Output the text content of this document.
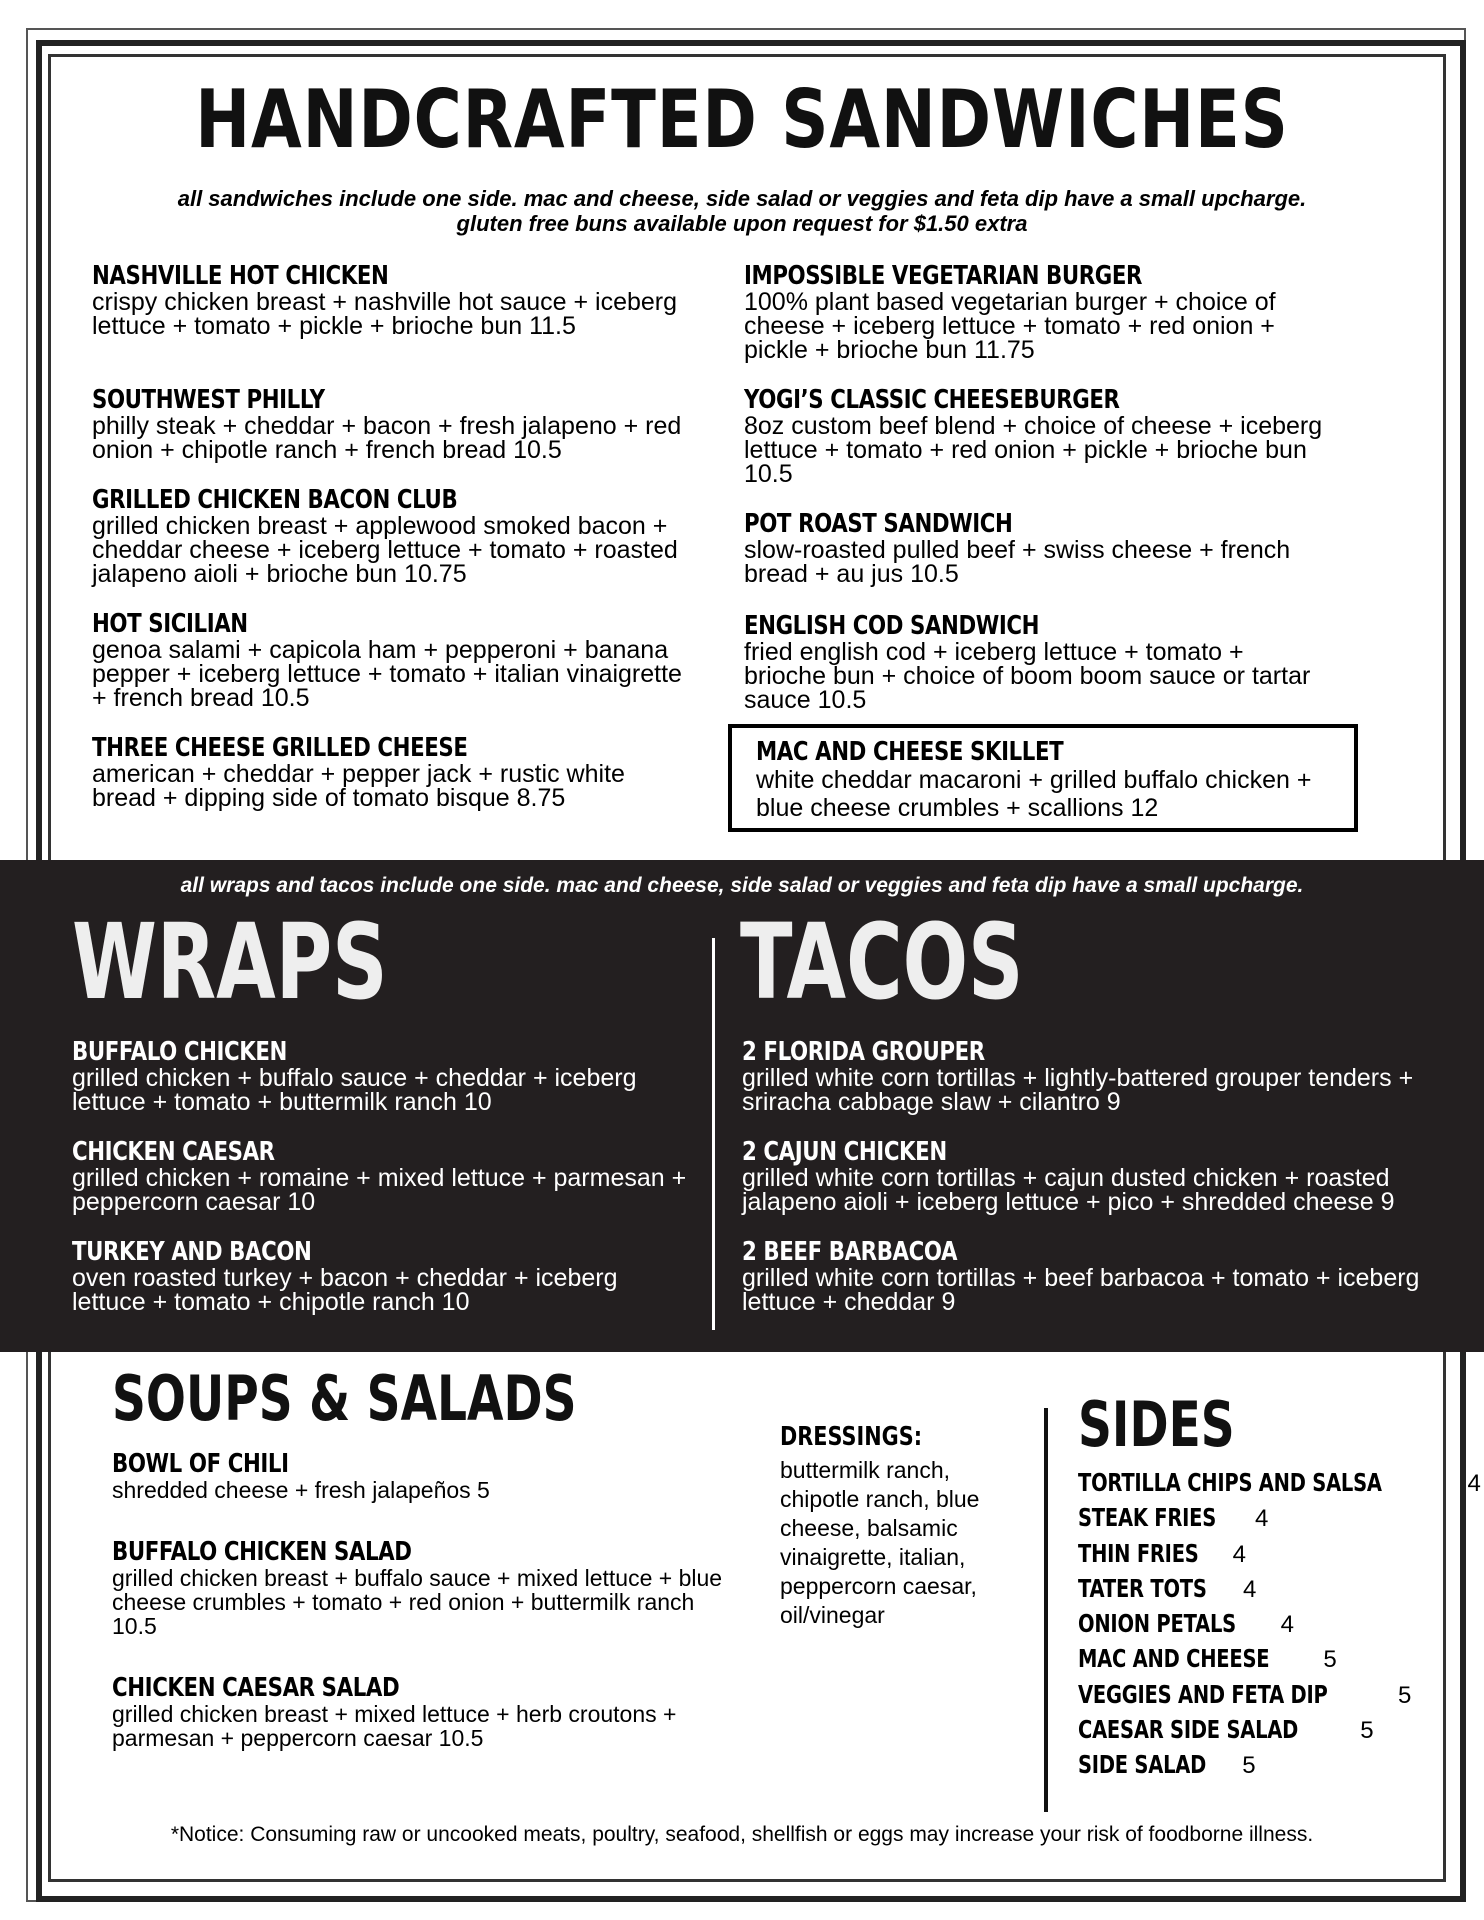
HANDCRAFTED SANDWICHES
all sandwiches include one side. mac and cheese, side salad or veggies and feta dip have a small upcharge. gluten free buns available upon request for $1.50 extra
NASHVILLE HOT CHICKEN
crispy chicken breast + nashville hot sauce + iceberg lettuce + tomato + pickle + brioche bun 11.5
SOUTHWEST PHILLY
philly steak + cheddar + bacon + fresh jalapeno + red onion + chipotle ranch + french bread 10.5
GRILLED CHICKEN BACON CLUB
grilled chicken breast + applewood smoked bacon + cheddar cheese + iceberg lettuce + tomato + roasted jalapeno aioli + brioche bun 10.75
HOT SICILIAN
genoa salami + capicola ham + pepperoni + banana pepper + iceberg lettuce + tomato + italian vinaigrette + french bread 10.5
THREE CHEESE GRILLED CHEESE
american + cheddar + pepper jack + rustic white bread + dipping side of tomato bisque 8.75
IMPOSSIBLE VEGETARIAN BURGER
100% plant based vegetarian burger + choice of cheese + iceberg lettuce + tomato + red onion + pickle + brioche bun 11.75
YOGI’S CLASSIC CHEESEBURGER
8oz custom beef blend + choice of cheese + iceberg lettuce + tomato + red onion + pickle + brioche bun 10.5
POT ROAST SANDWICH
slow-roasted pulled beef + swiss cheese + french bread + au jus 10.5
ENGLISH COD SANDWICH
fried english cod + iceberg lettuce + tomato + brioche bun + choice of boom boom sauce or tartar sauce 10.5
MAC AND CHEESE SKILLET
white cheddar macaroni + grilled buffalo chicken + blue cheese crumbles + scallions 12
all wraps and tacos include one side. mac and cheese, side salad or veggies and feta dip have a small upcharge.
WRAPS	TACOS
BUFFALO CHICKEN
grilled chicken + buffalo sauce + cheddar + iceberg lettuce + tomato + buttermilk ranch 10
CHICKEN CAESAR
grilled chicken + romaine + mixed lettuce + parmesan + peppercorn caesar 10
TURKEY AND BACON
oven roasted turkey + bacon + cheddar + iceberg lettuce + tomato + chipotle ranch 10
2 FLORIDA GROUPER
grilled white corn tortillas + lightly-battered grouper tenders + sriracha cabbage slaw + cilantro 9
2 CAJUN CHICKEN
grilled white corn tortillas + cajun dusted chicken + roasted jalapeno aioli + iceberg lettuce + pico + shredded cheese 9
2 BEEF BARBACOA
grilled white corn tortillas + beef barbacoa + tomato + iceberg lettuce + cheddar 9
SOUPS & SALADS
BOWL OF CHILI
shredded cheese + fresh jalapeños 5
BUFFALO CHICKEN SALAD
grilled chicken breast + buffalo sauce + mixed lettuce + blue cheese crumbles + tomato + red onion + buttermilk ranch 10.5
CHICKEN CAESAR SALAD
grilled chicken breast + mixed lettuce + herb croutons + parmesan + peppercorn caesar 10.5
DRESSINGS:
buttermilk ranch, chipotle ranch, blue cheese, balsamic vinaigrette, italian, peppercorn caesar, oil/vinegar
SIDES
TORTILLA CHIPS AND SALSA	4
STEAK FRIES 4
THIN FRIES 4
TATER TOTS 4
ONION PETALS 4
MAC AND CHEESE 5
VEGGIES AND FETA DIP	5
CAESAR SIDE SALAD	5
SIDE SALAD 5
*Notice: Consuming raw or uncooked meats, poultry, seafood, shellfish or eggs may increase your risk of foodborne illness.
